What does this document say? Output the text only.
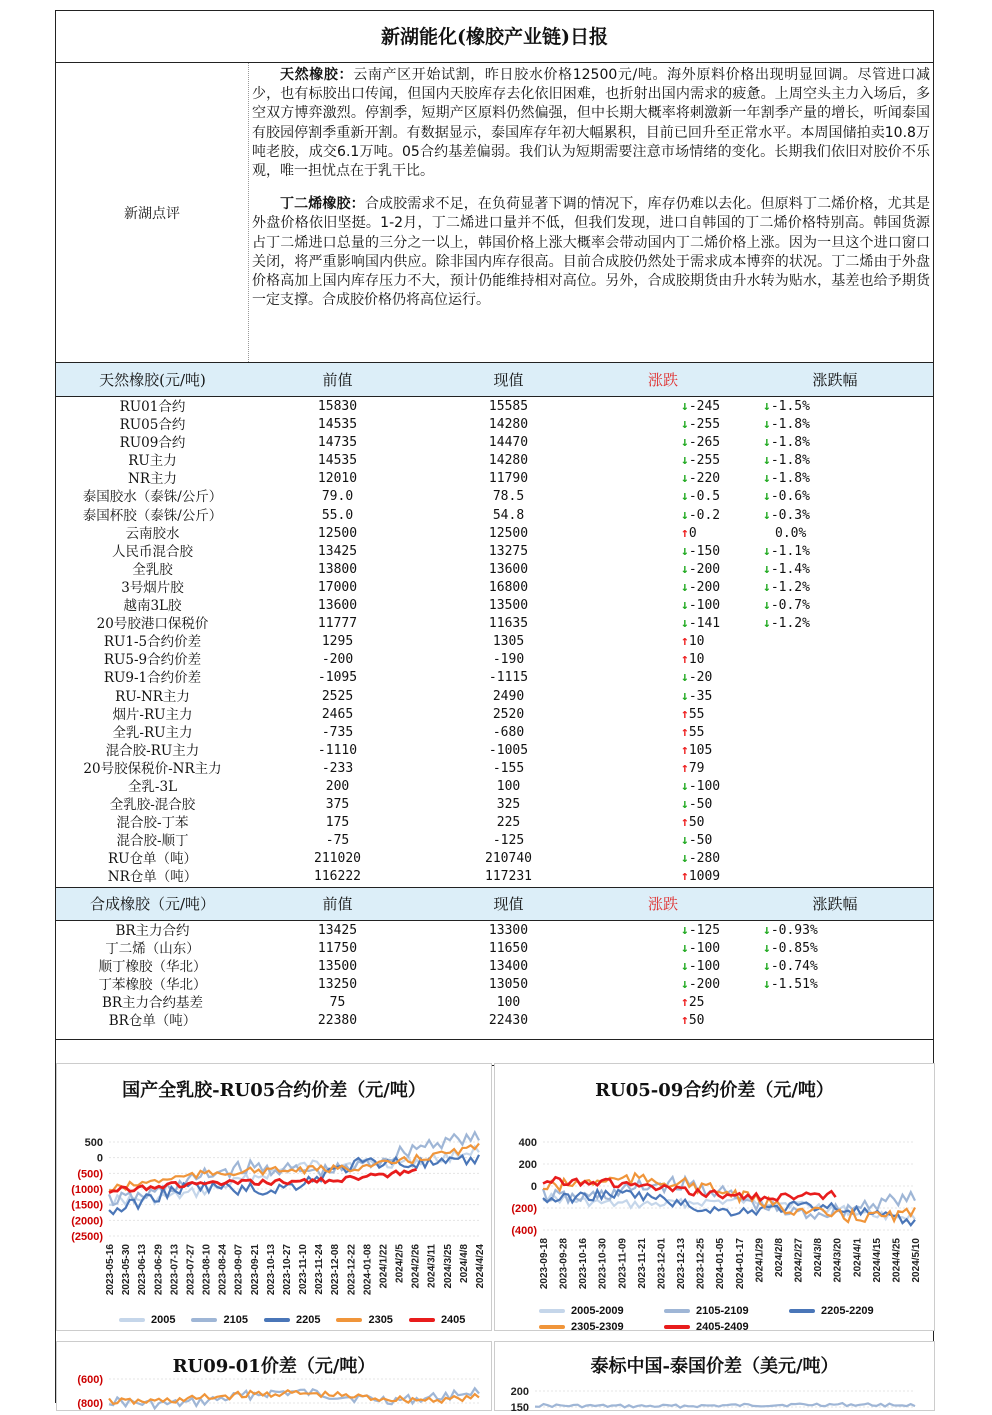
新湖能化(橡胶产业链)日报
新湖点评

天然橡胶：云南产区开始试割，昨日胶水价格12500元/吨。海外原料价格出现明显回调。尽管进口减少，也有标胶出口传闻，但国内天胶库存去化依旧困难，也折射出国内需求的疲惫。上周空头主力入场后，多空双方博弈激烈。停割季，短期产区原料仍然偏强，但中长期大概率将刺激新一年割季产量的增长，听闻泰国有胶园停割季重新开割。有数据显示，泰国库存年初大幅累积，目前已回升至正常水平。本周国储拍卖10.8万吨老胶，成交6.1万吨。05合约基差偏弱。我们认为短期需要注意市场情绪的变化。长期我们依旧对胶价不乐观，唯一担忧点在于乳干比。

丁二烯橡胶：合成胶需求不足，在负荷显著下调的情况下，库存仍难以去化。但原料丁二烯价格，尤其是外盘价格依旧坚挺。1-2月，丁二烯进口量并不低，但我们发现，进口自韩国的丁二烯价格特别高。韩国货源占丁二烯进口总量的三分之一以上，韩国价格上涨大概率会带动国内丁二烯价格上涨。因为一旦这个进口窗口关闭，将严重影响国内供应。除非国内库存很高。目前合成胶仍然处于需求成本博弈的状况。丁二烯由于外盘价格高加上国内库存压力不大，预计仍能维持相对高位。另外，合成胶期货由升水转为贴水，基差也给予期货一定支撑。合成胶价格仍将高位运行。

天然橡胶(元/吨)	前值	现值	涨跌	涨跌幅
RU01合约	15830	15585	↓-245	↓-1.5%
RU05合约	14535	14280	↓-255	↓-1.8%
RU09合约	14735	14470	↓-265	↓-1.8%
RU主力	14535	14280	↓-255	↓-1.8%
NR主力	12010	11790	↓-220	↓-1.8%
泰国胶水（泰铢/公斤）	79.0	78.5	↓-0.5	↓-0.6%
泰国杯胶（泰铢/公斤）	55.0	54.8	↓-0.2	↓-0.3%
云南胶水	12500	12500	↑0	0.0%
人民币混合胶	13425	13275	↓-150	↓-1.1%
全乳胶	13800	13600	↓-200	↓-1.4%
3号烟片胶	17000	16800	↓-200	↓-1.2%
越南3L胶	13600	13500	↓-100	↓-0.7%
20号胶港口保税价	11777	11635	↓-141	↓-1.2%
RU1-5合约价差	1295	1305	↑10
RU5-9合约价差	-200	-190	↑10
RU9-1合约价差	-1095	-1115	↓-20
RU-NR主力	2525	2490	↓-35
烟片-RU主力	2465	2520	↑55
全乳-RU主力	-735	-680	↑55
混合胶-RU主力	-1110	-1005	↑105
20号胶保税价-NR主力	-233	-155	↑79
全乳-3L	200	100	↓-100
全乳胶-混合胶	375	325	↓-50
混合胶-丁苯	175	225	↑50
混合胶-顺丁	-75	-125	↓-50
RU仓单（吨）	211020	210740	↓-280
NR仓单（吨）	116222	117231	↑1009
合成橡胶（元/吨）	前值	现值	涨跌	涨跌幅
BR主力合约	13425	13300	↓-125	↓-0.93%
丁二烯（山东）	11750	11650	↓-100	↓-0.85%
顺丁橡胶（华北）	13500	13400	↓-100	↓-0.74%
丁苯橡胶（华北）	13250	13050	↓-200	↓-1.51%
BR主力合约基差	75	100	↑25
BR仓单（吨）	22380	22430	↑50
国产全乳胶-RU05合约价差（元/吨）
500
0
(500)
(1000)
(1500)
(2000)
(2500)
2023-05-16 2023-05-30 2023-06-13 2023-06-29 2023-07-13 2023-07-27 2023-08-10 2023-08-24 2023-09-07 2023-09-21 2023-10-13 2023-10-27 2023-11-10 2023-11-24 2023-12-08 2023-12-22 2024-01-08 2024/1/22 2024/2/5 2024/2/26 2024/3/11 2024/3/25 2024/4/8 2024/4/24
2005	2105	2205	2305	2405
RU05-09合约价差（元/吨）
400
200
0
(200)
(400)
2023-09-18 2023-09-28 2023-10-16 2023-10-30 2023-11-09 2023-11-21 2023-12-01 2023-12-13 2023-12-25 2024-01-05 2024-01-17 2024/1/29 2024/2/8 2024/2/27 2024/3/8 2024/3/20 2024/4/1 2024/4/15 2024/4/25 2024/5/10
2005-2009	2105-2109	2205-2209
2305-2309	2405-2409
RU09-01价差（元/吨）
(600)
(800)
泰标中国-泰国价差（美元/吨）
200
150
